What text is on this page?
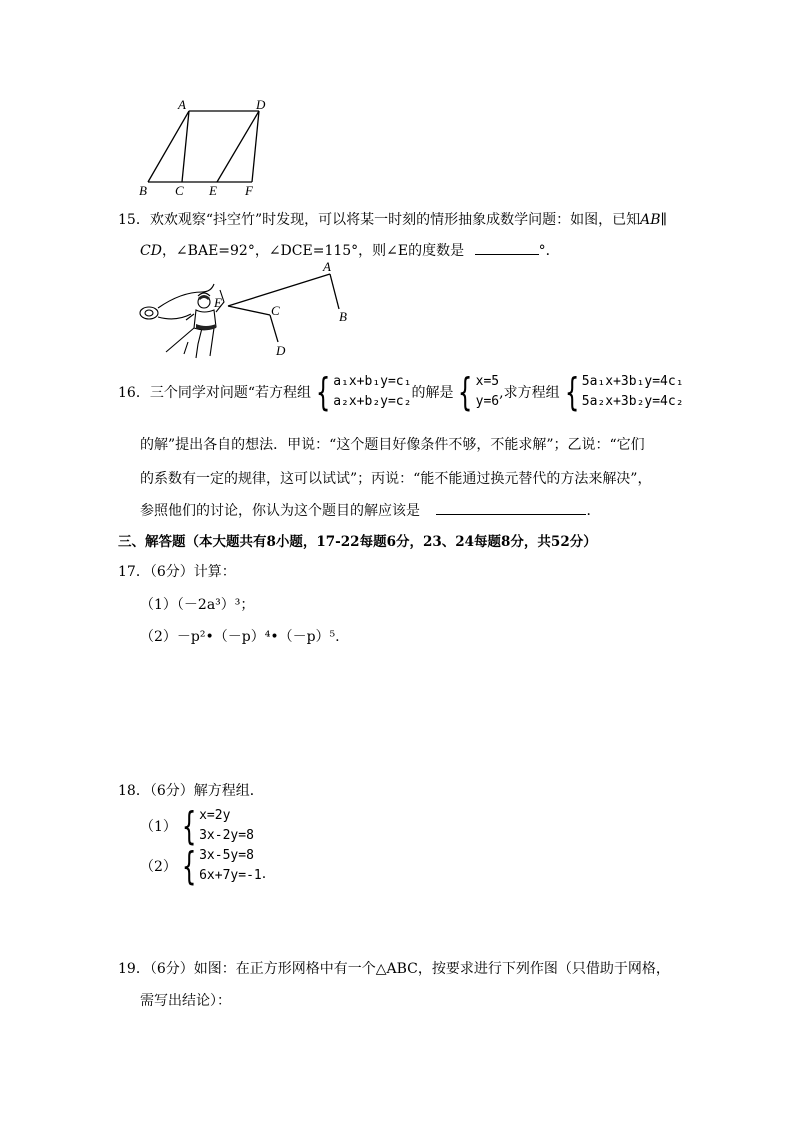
A	D
B C E F
15．欢欢观察“抖空竹”时发现，可以将某一时刻的情形抽象成数学问题：如图，已知AB∥
CD，∠BAE=92°，∠DCE=115°，则∠E的度数是	°．
A
B
C
D
E
16． 三个同学对问题“若方程组 { a₁x+b₁y=c₁
a₂x+b₂y=c₂
的解是 { x=5
y=6
,求方程组 { 5a₁x+3b₁y=4c₁
5a₂x+3b₂y=4c₂
的解”提出各自的想法．甲说：“这个题目好像条件不够，不能求解”；乙说：“它们
的系数有一定的规律，这可以试试”；丙说：“能不能通过换元替代的方法来解决”，
参照他们的讨论，你认为这个题目的解应该是	．
三、解答题（本大题共有8小题，17-22每题6分，23、24每题8分，共52分）
17．（6分）计算：
（1）（－2a³）³；
（2）－p²•（－p）⁴•（－p）⁵.
18．（6分）解方程组．
（1） { x=2y
3x-2y=8
（2） { 3x-5y=8
6x+7y=-1 .
19．（6分）如图：在正方形网格中有一个△ABC，按要求进行下列作图（只借助于网格，
需写出结论）：
